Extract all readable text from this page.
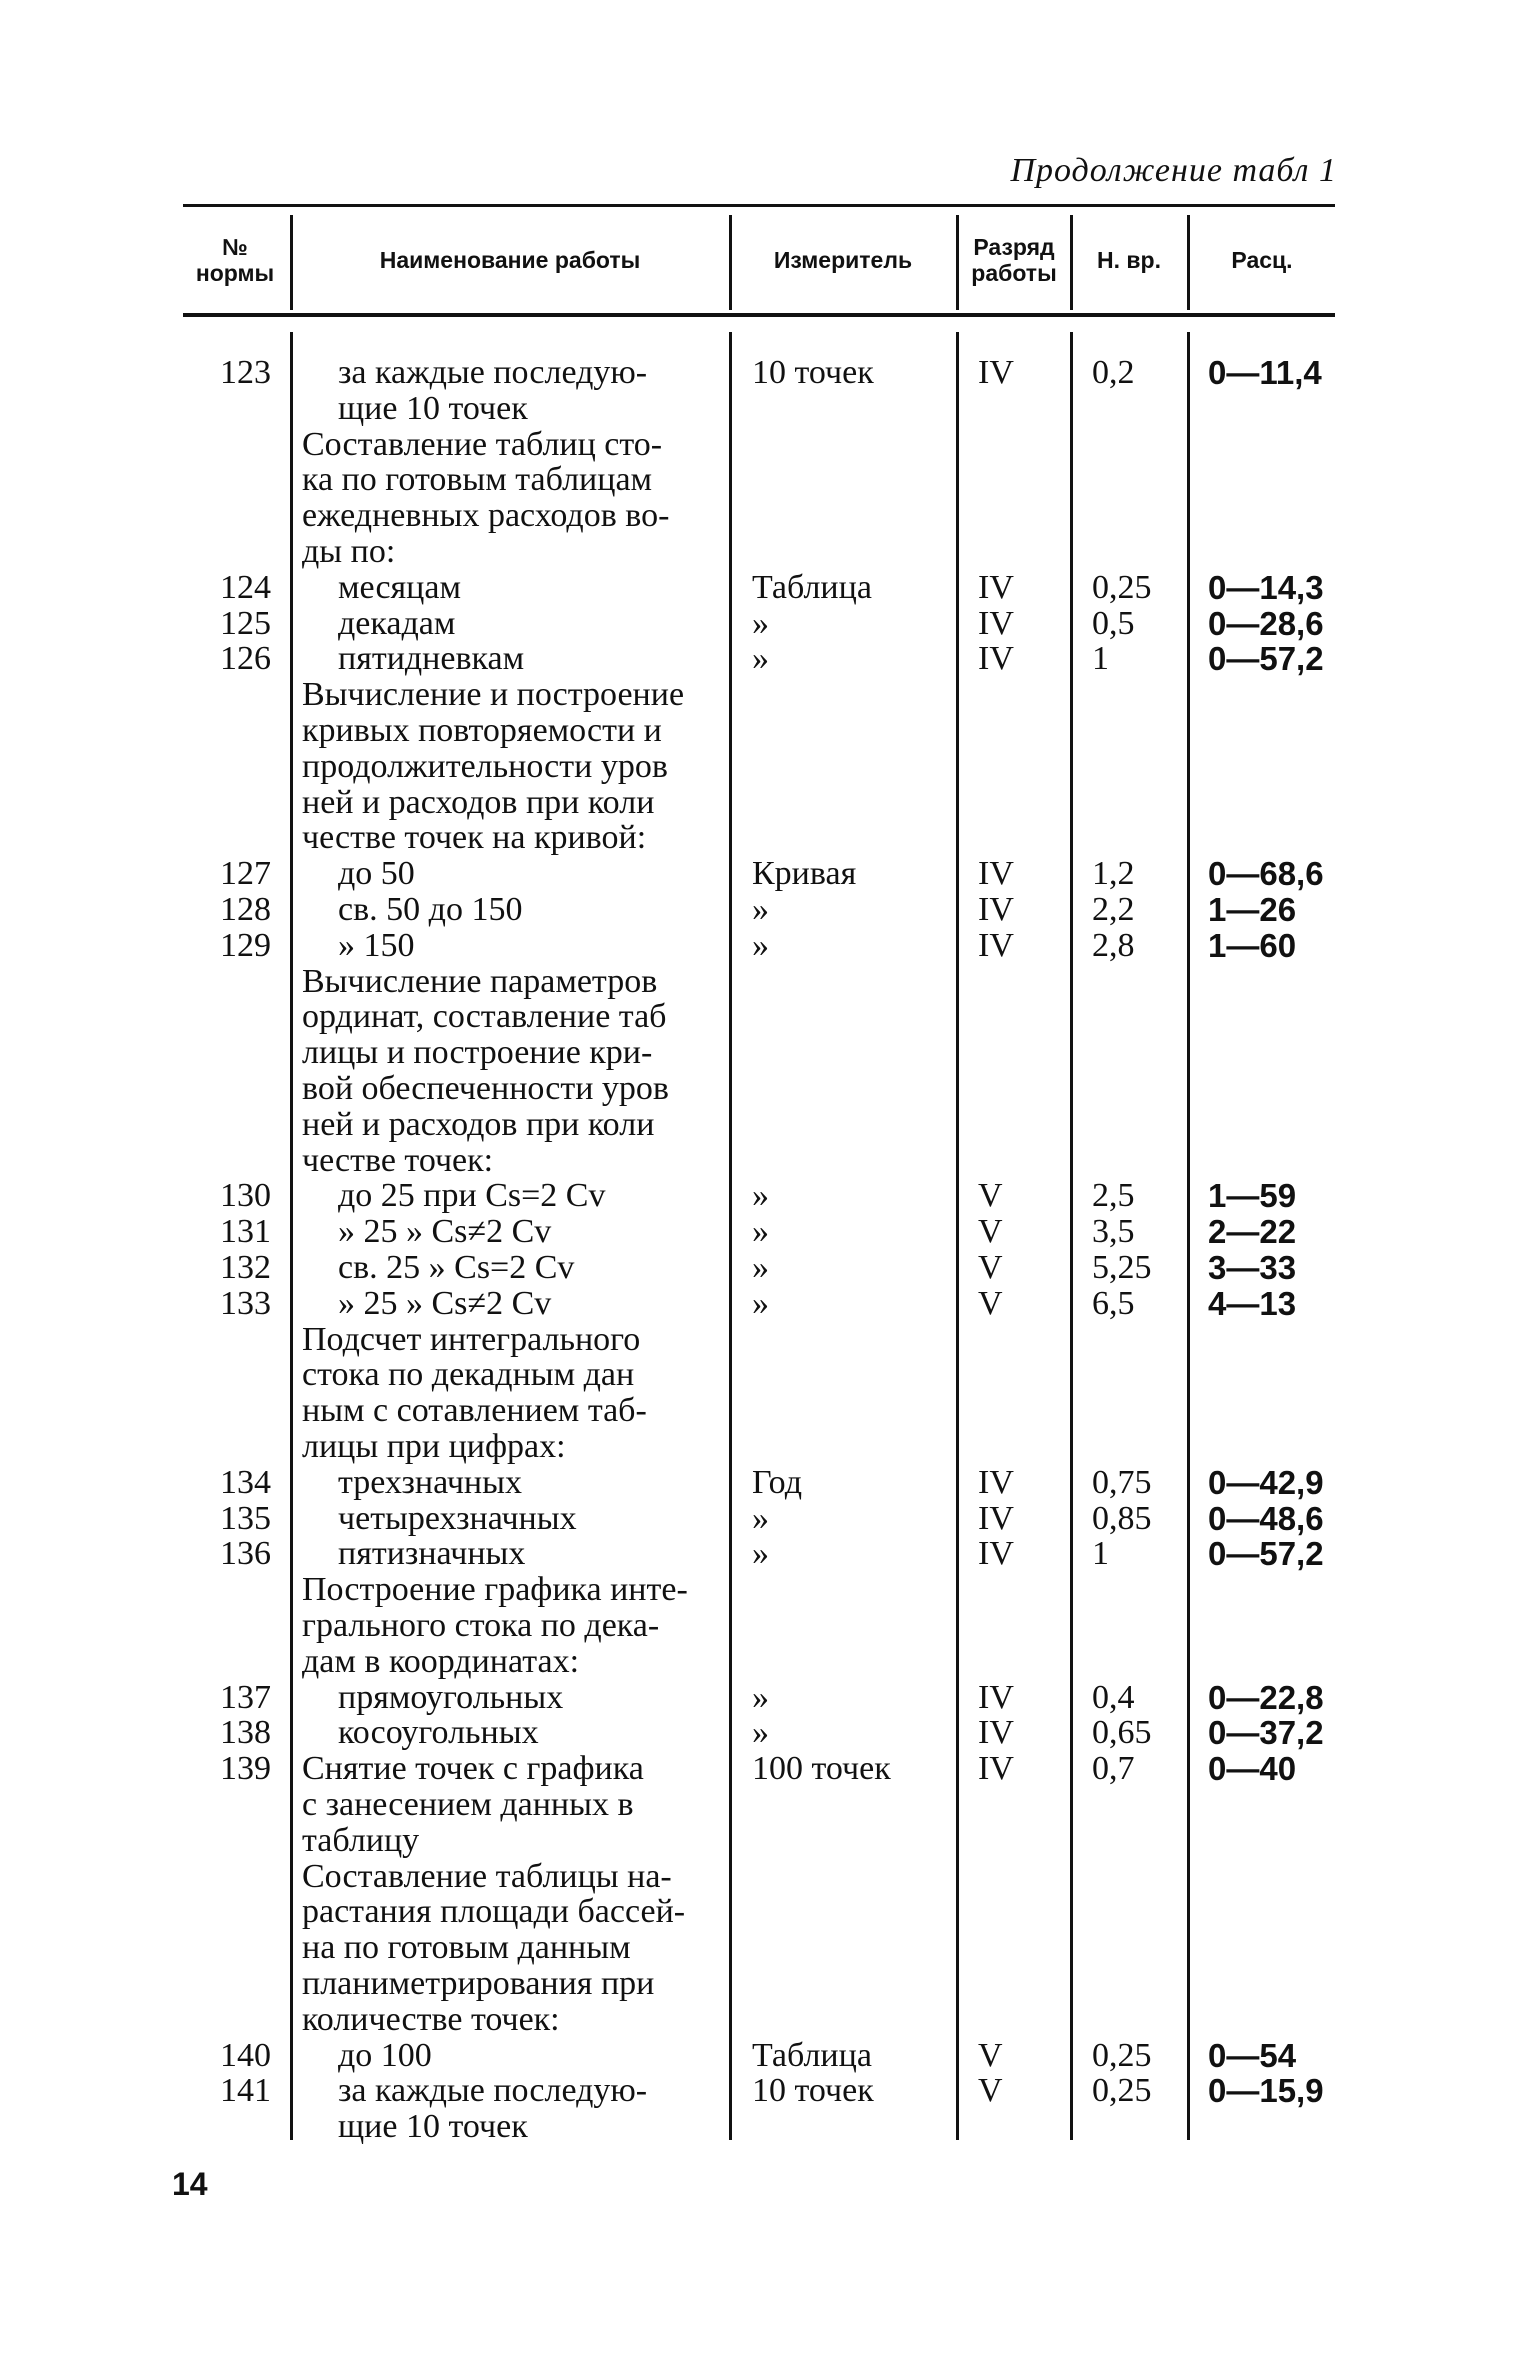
Продолжение табл 1
№ нормы	Наименование работы	Измеритель	Разряд работы	Н. вр.	Расц.
123	за каждые последую-	10 точек	IV 0,2 0—11,4
щие 10 точек
Составление таблиц сто-
ка по готовым таблицам
ежедневных расходов во-
ды по:
124	месяцам	Таблица	IV 0,25 0—14,3
125	декадам	»	IV 0,5 0—28,6
126	пятидневкам	»	IV 1	0—57,2
Вычисление и построение
кривых повторяемости и
продолжительности уров
ней и расходов при коли
честве точек на кривой:
127	до 50	Кривая	IV 1,2 0—68,6
128	св. 50 до 150	»	IV 2,2 1—26
129	» 150	»	IV 2,8 1—60
Вычисление параметров
ординат, составление таб
лицы и построение кри-
вой обеспеченности уров
ней и расходов при коли
честве точек:
130	до 25 при Cs=2 Cv	»	V	2,5 1—59
131	» 25 » Cs≠2 Cv	»	V	3,5 2—22
132	св. 25 » Cs=2 Cv	»	V	5,25 3—33
133	» 25 » Cs≠2 Cv	»	V	6,5 4—13
Подсчет интегрального
стока по декадным дан
ным с сотавлением таб-
лицы при цифрах:
134	трехзначных	Год	IV 0,75 0—42,9
135	четырехзначных	»	IV 0,85 0—48,6
136	пятизначных	»	IV 1	0—57,2
Построение графика инте-
грального стока по дека-
дам в координатах:
137	прямоугольных	»	IV 0,4 0—22,8
138	косоугольных	»	IV 0,65 0—37,2
139 Снятие точек с графика	100 точек	IV 0,7 0—40
с занесением данных в
таблицу
Составление таблицы на-
растания площади бассей-
на по готовым данным
планиметрирования при
количестве точек:
140	до 100	Таблица	V	0,25 0—54
141	за каждые последую-	10 точек	V	0,25 0—15,9
щие 10 точек
14
